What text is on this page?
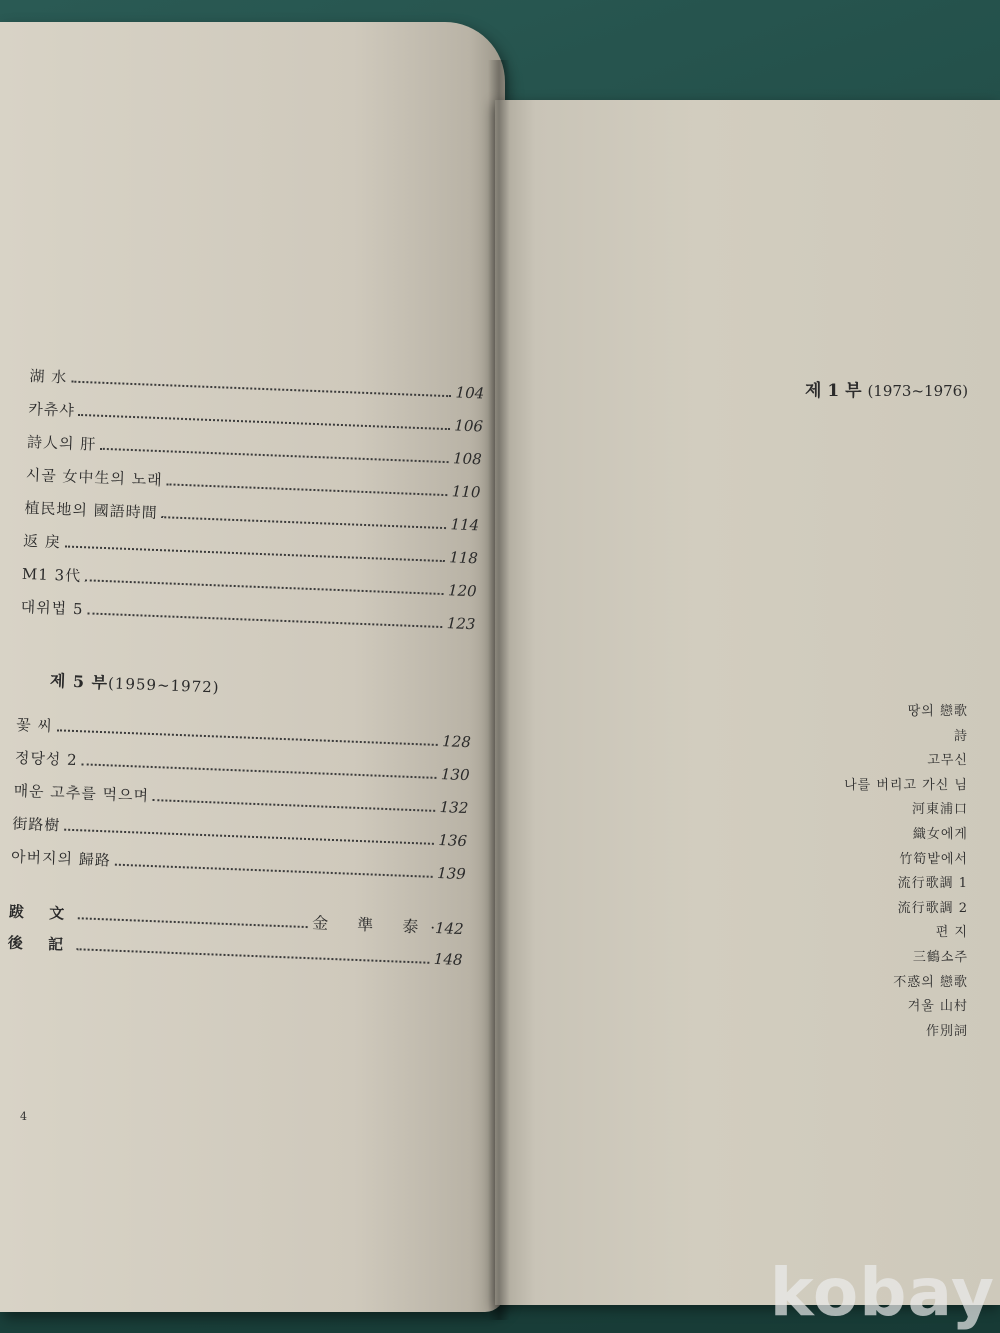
湖 水
104
카츄샤
106
詩人의 肝
108
시골 女中生의 노래
110
植民地의 國語時間
114
返 戾
118
M1 3代
120
대위법 5
123
제 5 부(1959~1972)
꽃 씨
128
정당성 2
130
매운 고추를 먹으며
132
街路樹
136
아버지의 歸路
139
跋 文
金 準 泰 · 142
後 記
148
4
제 1 부 (1973~1976)
땅의 戀歌
詩
고무신
나를 버리고 가신 님
河東浦口
織女에게
竹筍밭에서
流行歌調 1
流行歌調 2
편 지
三鶴소주
不惑의 戀歌
겨울 山村
作別詞
kobay
